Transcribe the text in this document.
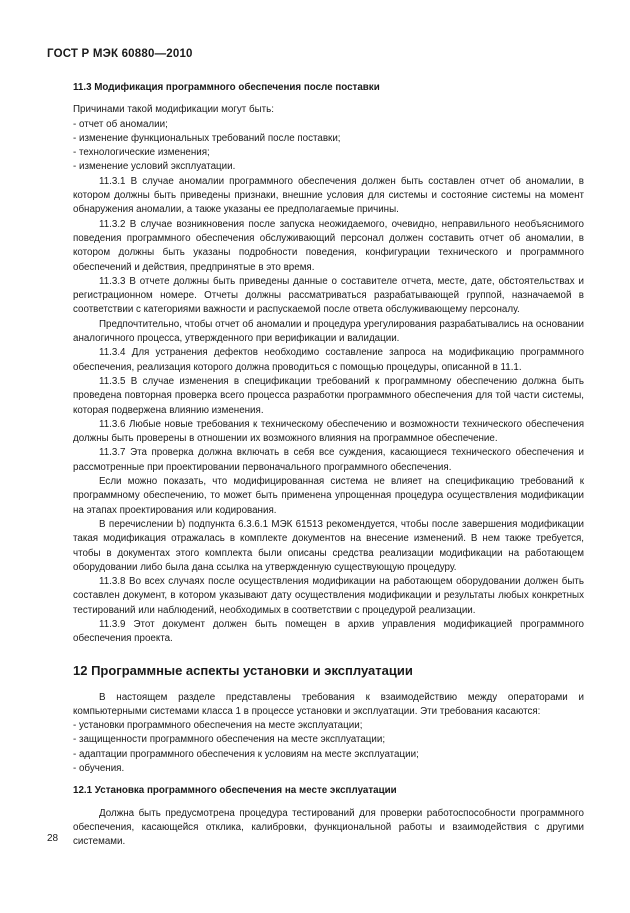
ГОСТ Р МЭК 60880—2010
11.3 Модификация программного обеспечения после поставки

Причинами такой модификации могут быть:

- отчет об аномалии;

- изменение функциональных требований после поставки;

- технологические изменения;

- изменение условий эксплуатации.

11.3.1 В случае аномалии программного обеспечения должен быть составлен отчет об аномалии, в котором должны быть приведены признаки, внешние условия для системы и состояние системы на момент обнаружения аномалии, а также указаны ее предполагаемые причины.

11.3.2 В случае возникновения после запуска неожидаемого, очевидно, неправильного необъяснимого поведения программного обеспечения обслуживающий персонал должен составить отчет об аномалии, в котором должны быть указаны подробности поведения, конфигурации технического и программного обеспечений и действия, предпринятые в это время.

11.3.3 В отчете должны быть приведены данные о составителе отчета, месте, дате, обстоятельствах и регистрационном номере. Отчеты должны рассматриваться разрабатывающей группой, назначаемой в соответствии с категориями важности и распускаемой после ответа обслуживающему персоналу.

Предпочтительно, чтобы отчет об аномалии и процедура урегулирования разрабатывались на основании аналогичного процесса, утвержденного при верификации и валидации.

11.3.4 Для устранения дефектов необходимо составление запроса на модификацию программного обеспечения, реализация которого должна проводиться с помощью процедуры, описанной в 11.1.

11.3.5 В случае изменения в спецификации требований к программному обеспечению должна быть проведена повторная проверка всего процесса разработки программного обеспечения для той части системы, которая подвержена влиянию изменения.

11.3.6 Любые новые требования к техническому обеспечению и возможности технического обеспечения должны быть проверены в отношении их возможного влияния на программное обеспечение.

11.3.7 Эта проверка должна включать в себя все суждения, касающиеся технического обеспечения и рассмотренные при проектировании первоначального программного обеспечения.

Если можно показать, что модифицированная система не влияет на спецификацию требований к программному обеспечению, то может быть применена упрощенная процедура осуществления модификации на этапах проектирования или кодирования.

В перечислении b) подпункта 6.3.6.1 МЭК 61513 рекомендуется, чтобы после завершения модификации такая модификация отражалась в комплекте документов на внесение изменений. В нем также требуется, чтобы в документах этого комплекта были описаны средства реализации модификации на работающем оборудовании либо была дана ссылка на утвержденную существующую процедуру.

11.3.8 Во всех случаях после осуществления модификации на работающем оборудовании должен быть составлен документ, в котором указывают дату осуществления модификации и результаты любых конкретных тестирований или наблюдений, необходимых в соответствии с процедурой реализации.

11.3.9 Этот документ должен быть помещен в архив управления модификацией программного обеспечения проекта.

12 Программные аспекты установки и эксплуатации

В настоящем разделе представлены требования к взаимодействию между операторами и компьютерными системами класса 1 в процессе установки и эксплуатации. Эти требования касаются:

- установки программного обеспечения на месте эксплуатации;

- защищенности программного обеспечения на месте эксплуатации;

- адаптации программного обеспечения к условиям на месте эксплуатации;

- обучения.

12.1 Установка программного обеспечения на месте эксплуатации

Должна быть предусмотрена процедура тестирований для проверки работоспособности программного обеспечения, касающейся отклика, калибровки, функциональной работы и взаимодействия с другими системами.

28
